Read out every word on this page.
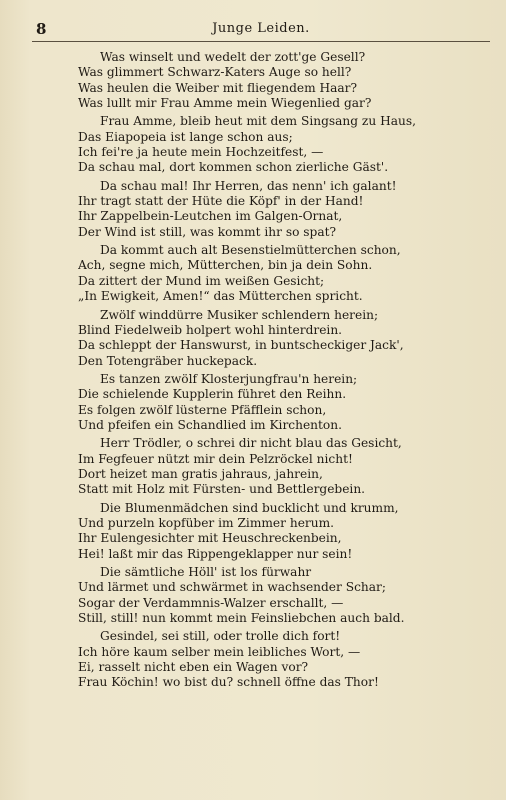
8	Junge Leiden.
Was winselt und wedelt der zott'ge Gesell?
Was glimmert Schwarz-Katers Auge so hell?
Was heulen die Weiber mit fliegendem Haar?
Was lullt mir Frau Amme mein Wiegenlied gar?
Frau Amme, bleib heut mit dem Singsang zu Haus,
Das Eiapopeia ist lange schon aus;
Ich fei're ja heute mein Hochzeitfest, —
Da schau mal, dort kommen schon zierliche Gäst'.
Da schau mal! Ihr Herren, das nenn' ich galant!
Ihr tragt statt der Hüte die Köpf' in der Hand!
Ihr Zappelbein-Leutchen im Galgen-Ornat,
Der Wind ist still, was kommt ihr so spat?
Da kommt auch alt Besenstielmütterchen schon,
Ach, segne mich, Mütterchen, bin ja dein Sohn.
Da zittert der Mund im weißen Gesicht;
„In Ewigkeit, Amen!“ das Mütterchen spricht.
Zwölf winddürre Musiker schlendern herein;
Blind Fiedelweib holpert wohl hinterdrein.
Da schleppt der Hanswurst, in buntscheckiger Jack',
Den Totengräber huckepack.
Es tanzen zwölf Klosterjungfrau'n herein;
Die schielende Kupplerin führet den Reihn.
Es folgen zwölf lüsterne Pfäfflein schon,
Und pfeifen ein Schandlied im Kirchenton.
Herr Trödler, o schrei dir nicht blau das Gesicht,
Im Fegfeuer nützt mir dein Pelzröckel nicht!
Dort heizet man gratis jahraus, jahrein,
Statt mit Holz mit Fürsten- und Bettlergebein.
Die Blumenmädchen sind bucklicht und krumm,
Und purzeln kopfüber im Zimmer herum.
Ihr Eulengesichter mit Heuschreckenbein,
Hei! laßt mir das Rippengeklapper nur sein!
Die sämtliche Höll' ist los fürwahr
Und lärmet und schwärmet in wachsender Schar;
Sogar der Verdammnis-Walzer erschallt, —
Still, still! nun kommt mein Feinsliebchen auch bald.
Gesindel, sei still, oder trolle dich fort!
Ich höre kaum selber mein leibliches Wort, —
Ei, rasselt nicht eben ein Wagen vor?
Frau Köchin! wo bist du? schnell öffne das Thor!
